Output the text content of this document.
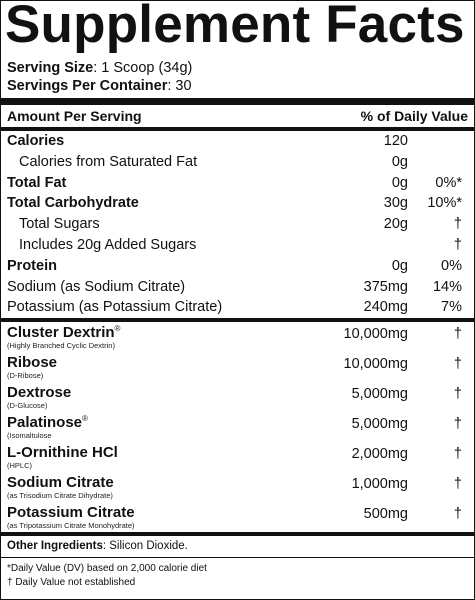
Supplement Facts
Serving Size: 1 Scoop (34g)
Servings Per Container: 30
Amount Per Serving	% of Daily Value
Calories	120
Calories from Saturated Fat	0g
Total Fat	0g 0%*
Total Carbohydrate	30g 10%*
Total Sugars	20g	†
Includes 20g Added Sugars	†
Protein	0g 0%
Sodium (as Sodium Citrate)	375mg 14%
Potassium (as Potassium Citrate)	240mg 7%
Cluster Dextrin®
(Highly Branched Cyclic Dextrin)
10,000mg	†
Ribose
(D-Ribose)
10,000mg	†
Dextrose
(D-Glucose)
5,000mg	†
Palatinose®
(Isomaltulose
5,000mg	†
L-Ornithine HCl
(HPLC)
2,000mg	†
Sodium Citrate
(as Trisodium Citrate Dihydrate)
1,000mg	†
Potassium Citrate
(as Tripotassium Citrate Monohydrate)
500mg	†
Other Ingredients: Silicon Dioxide.
*Daily Value (DV) based on 2,000 calorie diet
† Daily Value not established
